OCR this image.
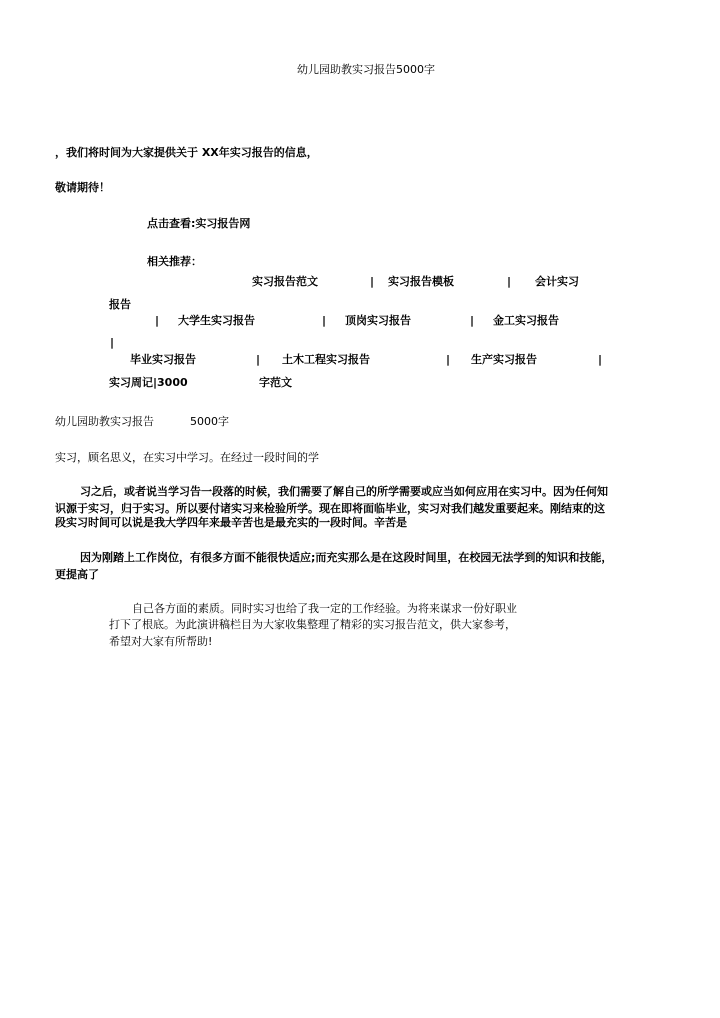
幼儿园助教实习报告5000字
，我们将时间为大家提供关于 XX年实习报告的信息，
敬请期待！
点击查看:实习报告网
相关推荐：
实习报告范文	| 实习报告模板	| 会计实习
报告
| 大学生实习报告	| 顶岗实习报告	| 金工实习报告
|
毕业实习报告	| 土木工程实习报告	| 生产实习报告	|
实习周记|3000	字范文
幼儿园助教实习报告	5000字
实习，顾名思义，在实习中学习。在经过一段时间的学
习之后，或者说当学习告一段落的时候，我们需要了解自己的所学需要或应当如何应用在实习中。因为任何知
识源于实习，归于实习。所以要付诸实习来检验所学。现在即将面临毕业，实习对我们越发重要起来。刚结束的这
段实习时间可以说是我大学四年来最辛苦也是最充实的一段时间。辛苦是
因为刚踏上工作岗位，有很多方面不能很快适应;而充实那么是在这段时间里，在校园无法学到的知识和技能，
更提高了
自己各方面的素质。同时实习也给了我一定的工作经验。为将来谋求一份好职业
打下了根底。为此演讲稿栏目为大家收集整理了精彩的实习报告范文，供大家参考，
希望对大家有所帮助!
